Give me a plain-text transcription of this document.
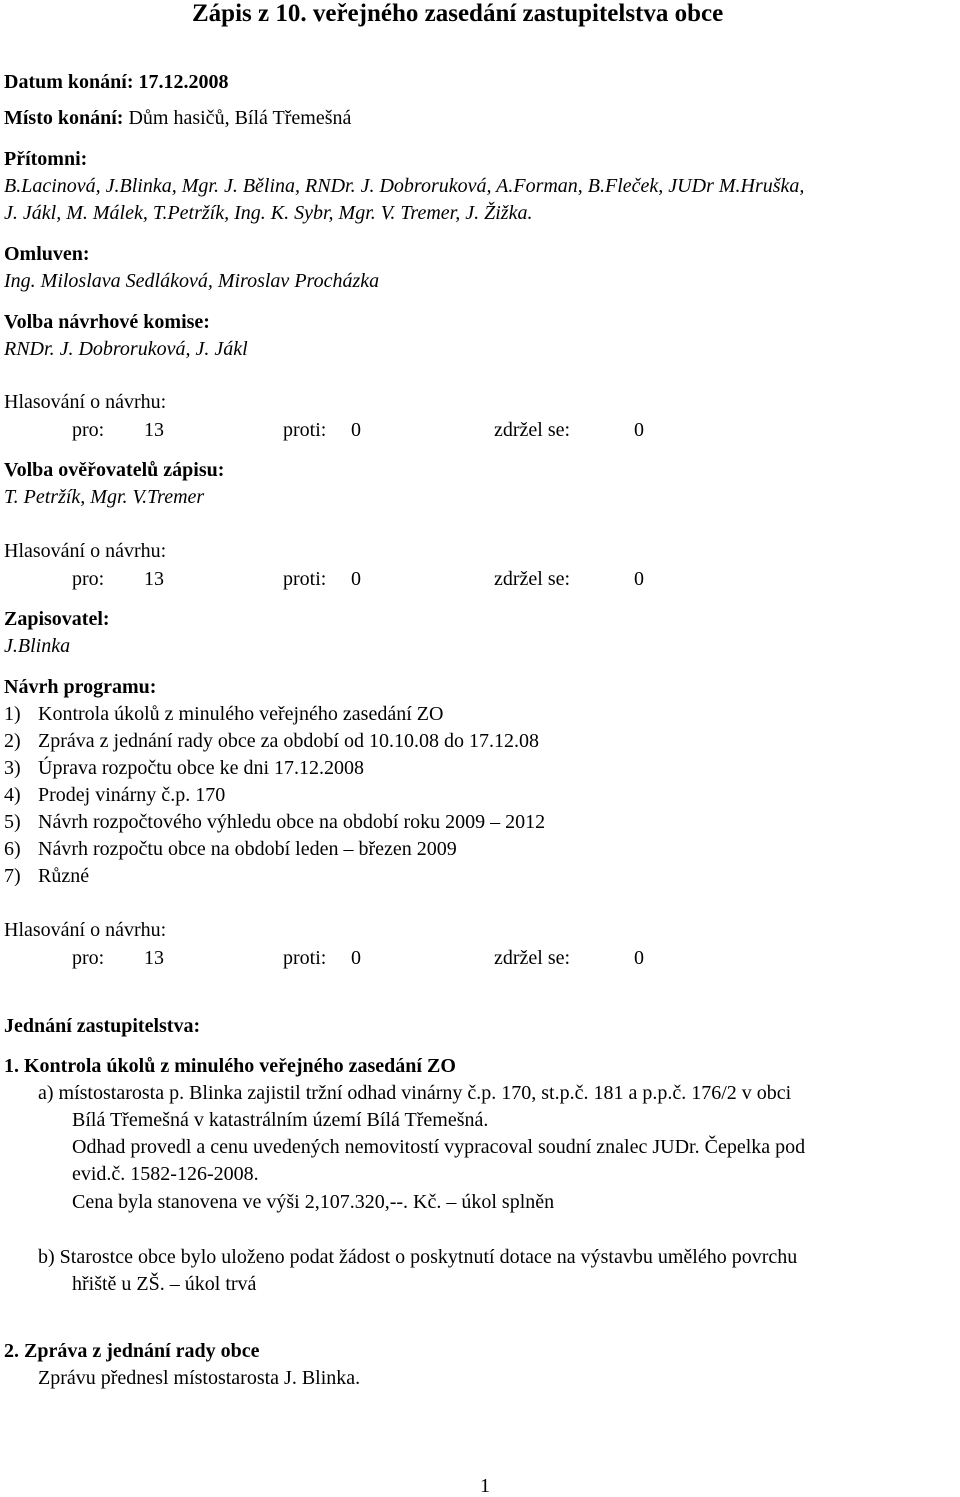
Zápis z 10. veřejného zasedání zastupitelstva obce
Datum konání: 17.12.2008
Místo konání: Dům hasičů, Bílá Třemešná
Přítomni:
B.Lacinová, J.Blinka, Mgr. J. Bělina, RNDr. J. Dobroruková, A.Forman, B.Fleček, JUDr M.Hruška,
J. Jákl, M. Málek, T.Petržík, Ing. K. Sybr, Mgr. V. Tremer, J. Žižka.
Omluven:
Ing. Miloslava Sedláková, Miroslav Procházka
Volba návrhové komise:
RNDr. J. Dobroruková, J. Jákl
Hlasování o návrhu:
pro: 13	proti: 0	zdržel se:	0
Volba ověřovatelů zápisu:
T. Petržík, Mgr. V.Tremer
Hlasování o návrhu:
pro: 13	proti: 0	zdržel se:	0
Zapisovatel:
J.Blinka
Návrh programu:
1) Kontrola úkolů z minulého veřejného zasedání ZO
2) Zpráva z jednání rady obce za období od 10.10.08 do 17.12.08
3) Úprava rozpočtu obce ke dni 17.12.2008
4) Prodej vinárny č.p. 170
5) Návrh rozpočtového výhledu obce na období roku 2009 – 2012
6) Návrh rozpočtu obce na období leden – březen 2009
7) Různé
Hlasování o návrhu:
pro: 13	proti: 0	zdržel se:	0
Jednání zastupitelstva:
1. Kontrola úkolů z minulého veřejného zasedání ZO
a) místostarosta p. Blinka zajistil tržní odhad vinárny č.p. 170, st.p.č. 181 a p.p.č. 176/2 v obci
Bílá Třemešná v katastrálním území Bílá Třemešná.
Odhad provedl a cenu uvedených nemovitostí vypracoval soudní znalec JUDr. Čepelka pod
evid.č. 1582-126-2008.
Cena byla stanovena ve výši 2,107.320,--. Kč. – úkol splněn
b) Starostce obce bylo uloženo podat žádost o poskytnutí dotace na výstavbu umělého povrchu
hřiště u ZŠ. – úkol trvá
2. Zpráva z jednání rady obce
Zprávu přednesl místostarosta J. Blinka.
1
